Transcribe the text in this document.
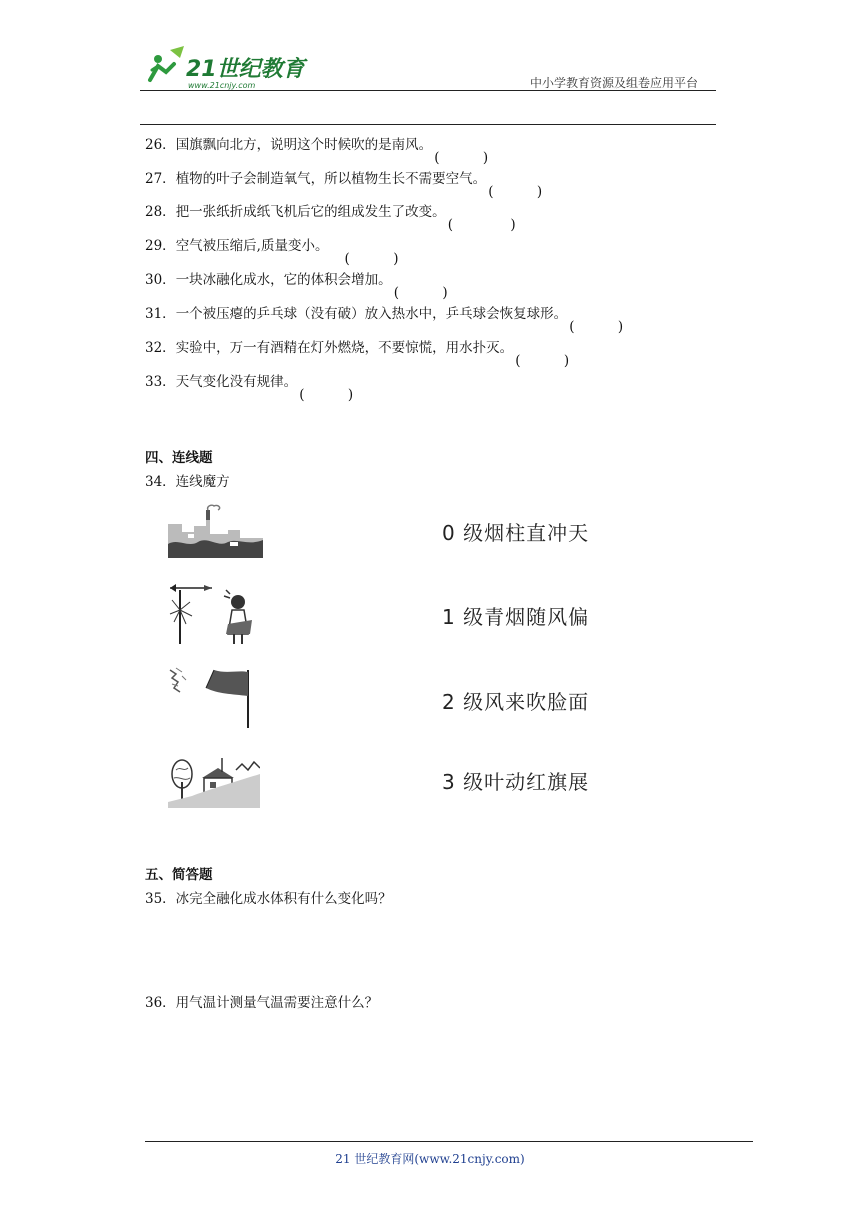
21世纪教育
www.21cnjy.com	中小学教育资源及组卷应用平台
26．国旗飘向北方，说明这个时候吹的是南风。
27．植物的叶子会制造氧气，所以植物生长不需要空气。
28．把一张纸折成纸飞机后它的组成发生了改变。
29．空气被压缩后,质量变小。
30．一块冰融化成水，它的体积会增加。
31．一个被压瘪的乒乓球（没有破）放入热水中，乒乓球会恢复球形。
32．实验中，万一有酒精在灯外燃烧，不要惊慌，用水扑灭。
33．天气变化没有规律。
四、连线题
34．连线魔方
0 级烟柱直冲天
1 级青烟随风偏
2 级风来吹脸面
3 级叶动红旗展
五、简答题
35．冰完全融化成水体积有什么变化吗？
36．用气温计测量气温需要注意什么？
21 世纪教育网(www.21cnjy.com)
